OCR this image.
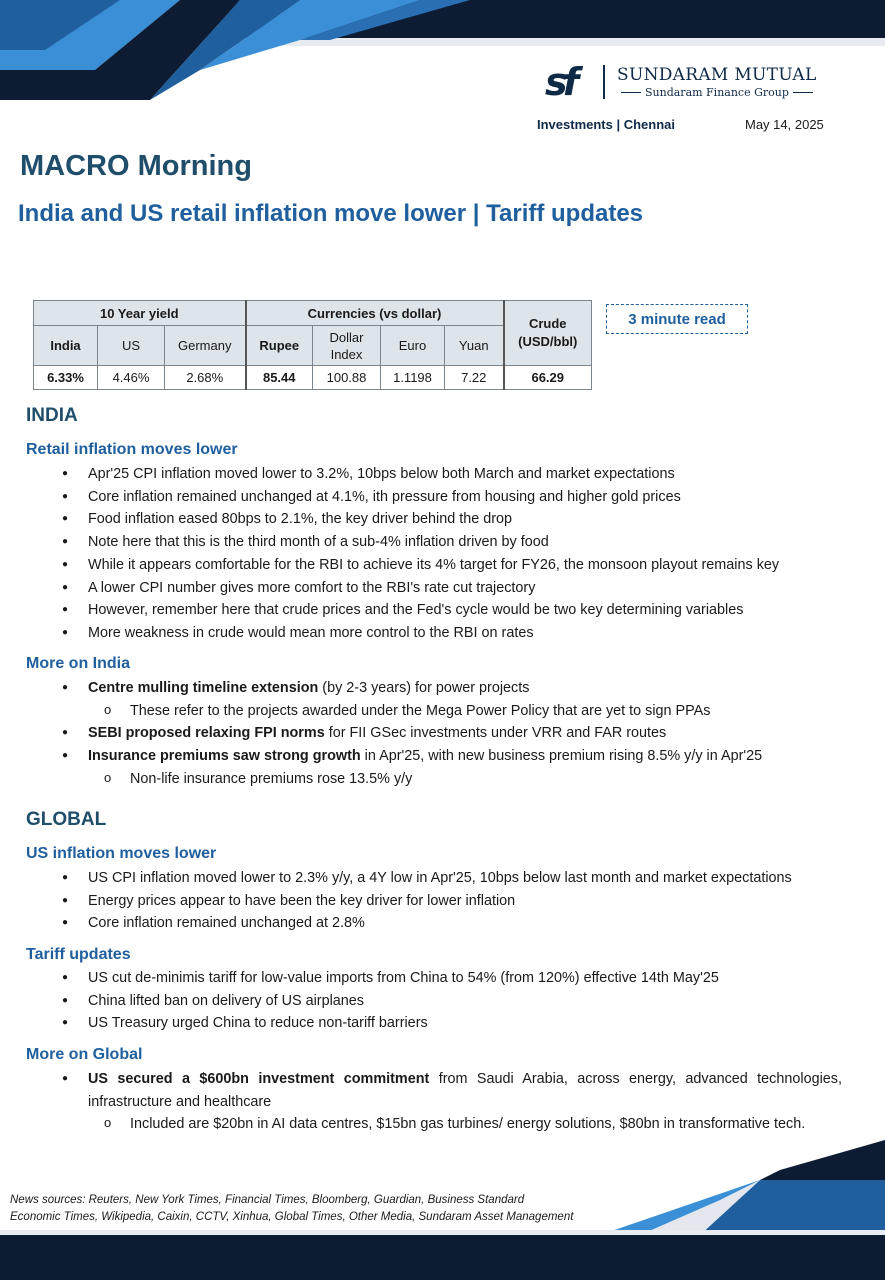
sf	SUNDARAM MUTUAL
Sundaram Finance Group
Investments | Chennai	May 14, 2025
MACRO Morning
India and US retail inflation move lower | Tariff updates
10 Year yield			Currencies (vs dollar)				Crude (USD/bbl)
India	US	Germany	Rupee	Dollar Index	Euro	Yuan	
6.33%	4.46%	2.68%	85.44	100.88	1.1198	7.22	66.29
3 minute read
INDIA
Retail inflation moves lower
● Apr'25 CPI inflation moved lower to 3.2%, 10bps below both March and market expectations
● Core inflation remained unchanged at 4.1%, ith pressure from housing and higher gold prices
● Food inflation eased 80bps to 2.1%, the key driver behind the drop
● Note here that this is the third month of a sub-4% inflation driven by food
● While it appears comfortable for the RBI to achieve its 4% target for FY26, the monsoon playout remains key
● A lower CPI number gives more comfort to the RBI's rate cut trajectory
● However, remember here that crude prices and the Fed's cycle would be two key determining variables
● More weakness in crude would mean more control to the RBI on rates
More on India
● Centre mulling timeline extension (by 2-3 years) for power projects
o These refer to the projects awarded under the Mega Power Policy that are yet to sign PPAs
● SEBI proposed relaxing FPI norms for FII GSec investments under VRR and FAR routes
● Insurance premiums saw strong growth in Apr'25, with new business premium rising 8.5% y/y in Apr'25
o Non-life insurance premiums rose 13.5% y/y
GLOBAL
US inflation moves lower
● US CPI inflation moved lower to 2.3% y/y, a 4Y low in Apr'25, 10bps below last month and market expectations
● Energy prices appear to have been the key driver for lower inflation
● Core inflation remained unchanged at 2.8%
Tariff updates
● US cut de-minimis tariff for low-value imports from China to 54% (from 120%) effective 14th May'25
● China lifted ban on delivery of US airplanes
● US Treasury urged China to reduce non-tariff barriers
More on Global
● US secured a $600bn investment commitment from Saudi Arabia, across energy, advanced technologies, infrastructure and healthcare
o Included are $20bn in AI data centres, $15bn gas turbines/ energy solutions, $80bn in transformative tech.
News sources: Reuters, New York Times, Financial Times, Bloomberg, Guardian, Business Standard
Economic Times, Wikipedia, Caixin, CCTV, Xinhua, Global Times, Other Media, Sundaram Asset Management
